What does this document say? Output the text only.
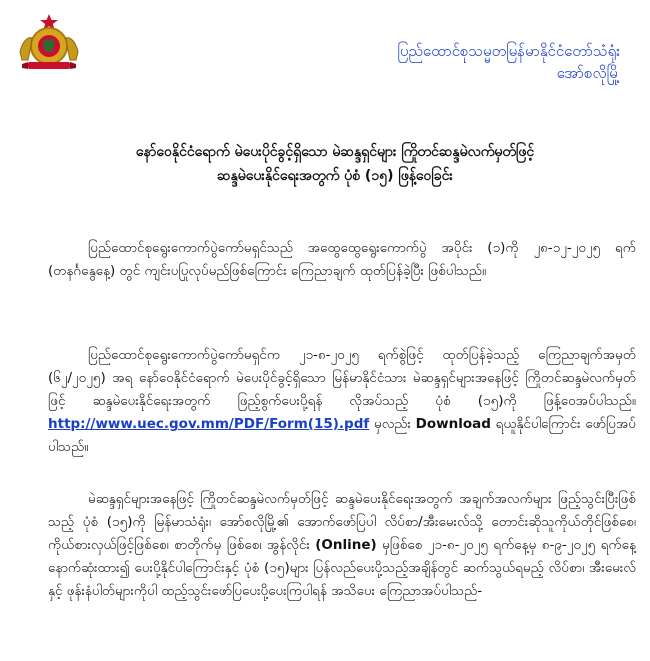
ပြည်ထောင်စုသမ္မတမြန်မာနိုင်ငံတော်သံရုံး
အော်စလိုမြို့
နော်ဝေနိုင်ငံရောက် မဲပေးပိုင်ခွင့်ရှိသော မဲဆန္ဒရှင်များ ကြိုတင်ဆန္ဒမဲလက်မှတ်ဖြင့်
ဆန္ဒမဲပေးနိုင်ရေးအတွက် ပုံစံ (၁၅) ဖြန့်ဝေခြင်း
ပြည်ထောင်စုရွေးကောက်ပွဲကော်မရှင်သည် အထွေထွေရွေးကောက်ပွဲ အပိုင်း (၁)ကို ၂၈-၁၂-၂၀၂၅ ရက် (တနင်္ဂနွေနေ့) တွင် ကျင်းပပြုလုပ်မည်ဖြစ်ကြောင်း ကြေညာချက် ထုတ်ပြန်ခဲ့ပြီး ဖြစ်ပါသည်။
ပြည်ထောင်စုရွေးကောက်ပွဲကော်မရှင်က ၂၁-၈-၂၀၂၅ ရက်စွဲဖြင့် ထုတ်ပြန်ခဲ့သည့် ကြေညာချက်အမှတ် (၆၂/၂၀၂၅) အရ နော်ဝေနိုင်ငံရောက် မဲပေးပိုင်ခွင့်ရှိသော မြန်မာနိုင်ငံသား မဲဆန္ဒရှင်များအနေဖြင့် ကြိုတင်ဆန္ဒမဲလက်မှတ်ဖြင့် ဆန္ဒမဲပေးနိုင်ရေးအတွက် ဖြည့်စွက်ပေးပို့ရန် လိုအပ်သည့် ပုံစံ (၁၅)ကို ဖြန့်ဝေအပ်ပါသည်။ http://www.uec.gov.mm/PDF/Form(15).pdf မှလည်း Download ရယူနိုင်ပါကြောင်း ဖော်ပြအပ်ပါသည်။
မဲဆန္ဒရှင်များအနေဖြင့် ကြိုတင်ဆန္ဒမဲလက်မှတ်ဖြင့် ဆန္ဒမဲပေးနိုင်ရေးအတွက် အချက်အလက်များ ဖြည့်သွင်းပြီးဖြစ်သည့် ပုံစံ (၁၅)ကို မြန်မာသံရုံး၊ အော်စလိုမြို့၏ အောက်ဖော်ပြပါ လိပ်စာ/အီးမေးလ်သို့ တောင်းဆိုသူကိုယ်တိုင်ဖြစ်စေ၊ ကိုယ်စားလှယ်ဖြင့်ဖြစ်စေ၊ စာတိုက်မှ ဖြစ်စေ၊ အွန်လိုင်း (Online) မှဖြစ်စေ ၂၁-၈-၂၀၂၅ ရက်နေ့မှ ၈-၉-၂၀၂၅ ရက်နေ့ နောက်ဆုံးထား၍ ပေးပို့နိုင်ပါကြောင်းနှင့် ပုံစံ (၁၅)များ ပြန်လည်ပေးပို့သည့်အချိန်တွင် ဆက်သွယ်ရမည့် လိပ်စာ၊ အီးမေးလ်နှင့် ဖုန်းနံပါတ်များကိုပါ ထည့်သွင်းဖော်ပြပေးပို့ပေးကြပါရန် အသိပေး ကြေညာအပ်ပါသည်-
